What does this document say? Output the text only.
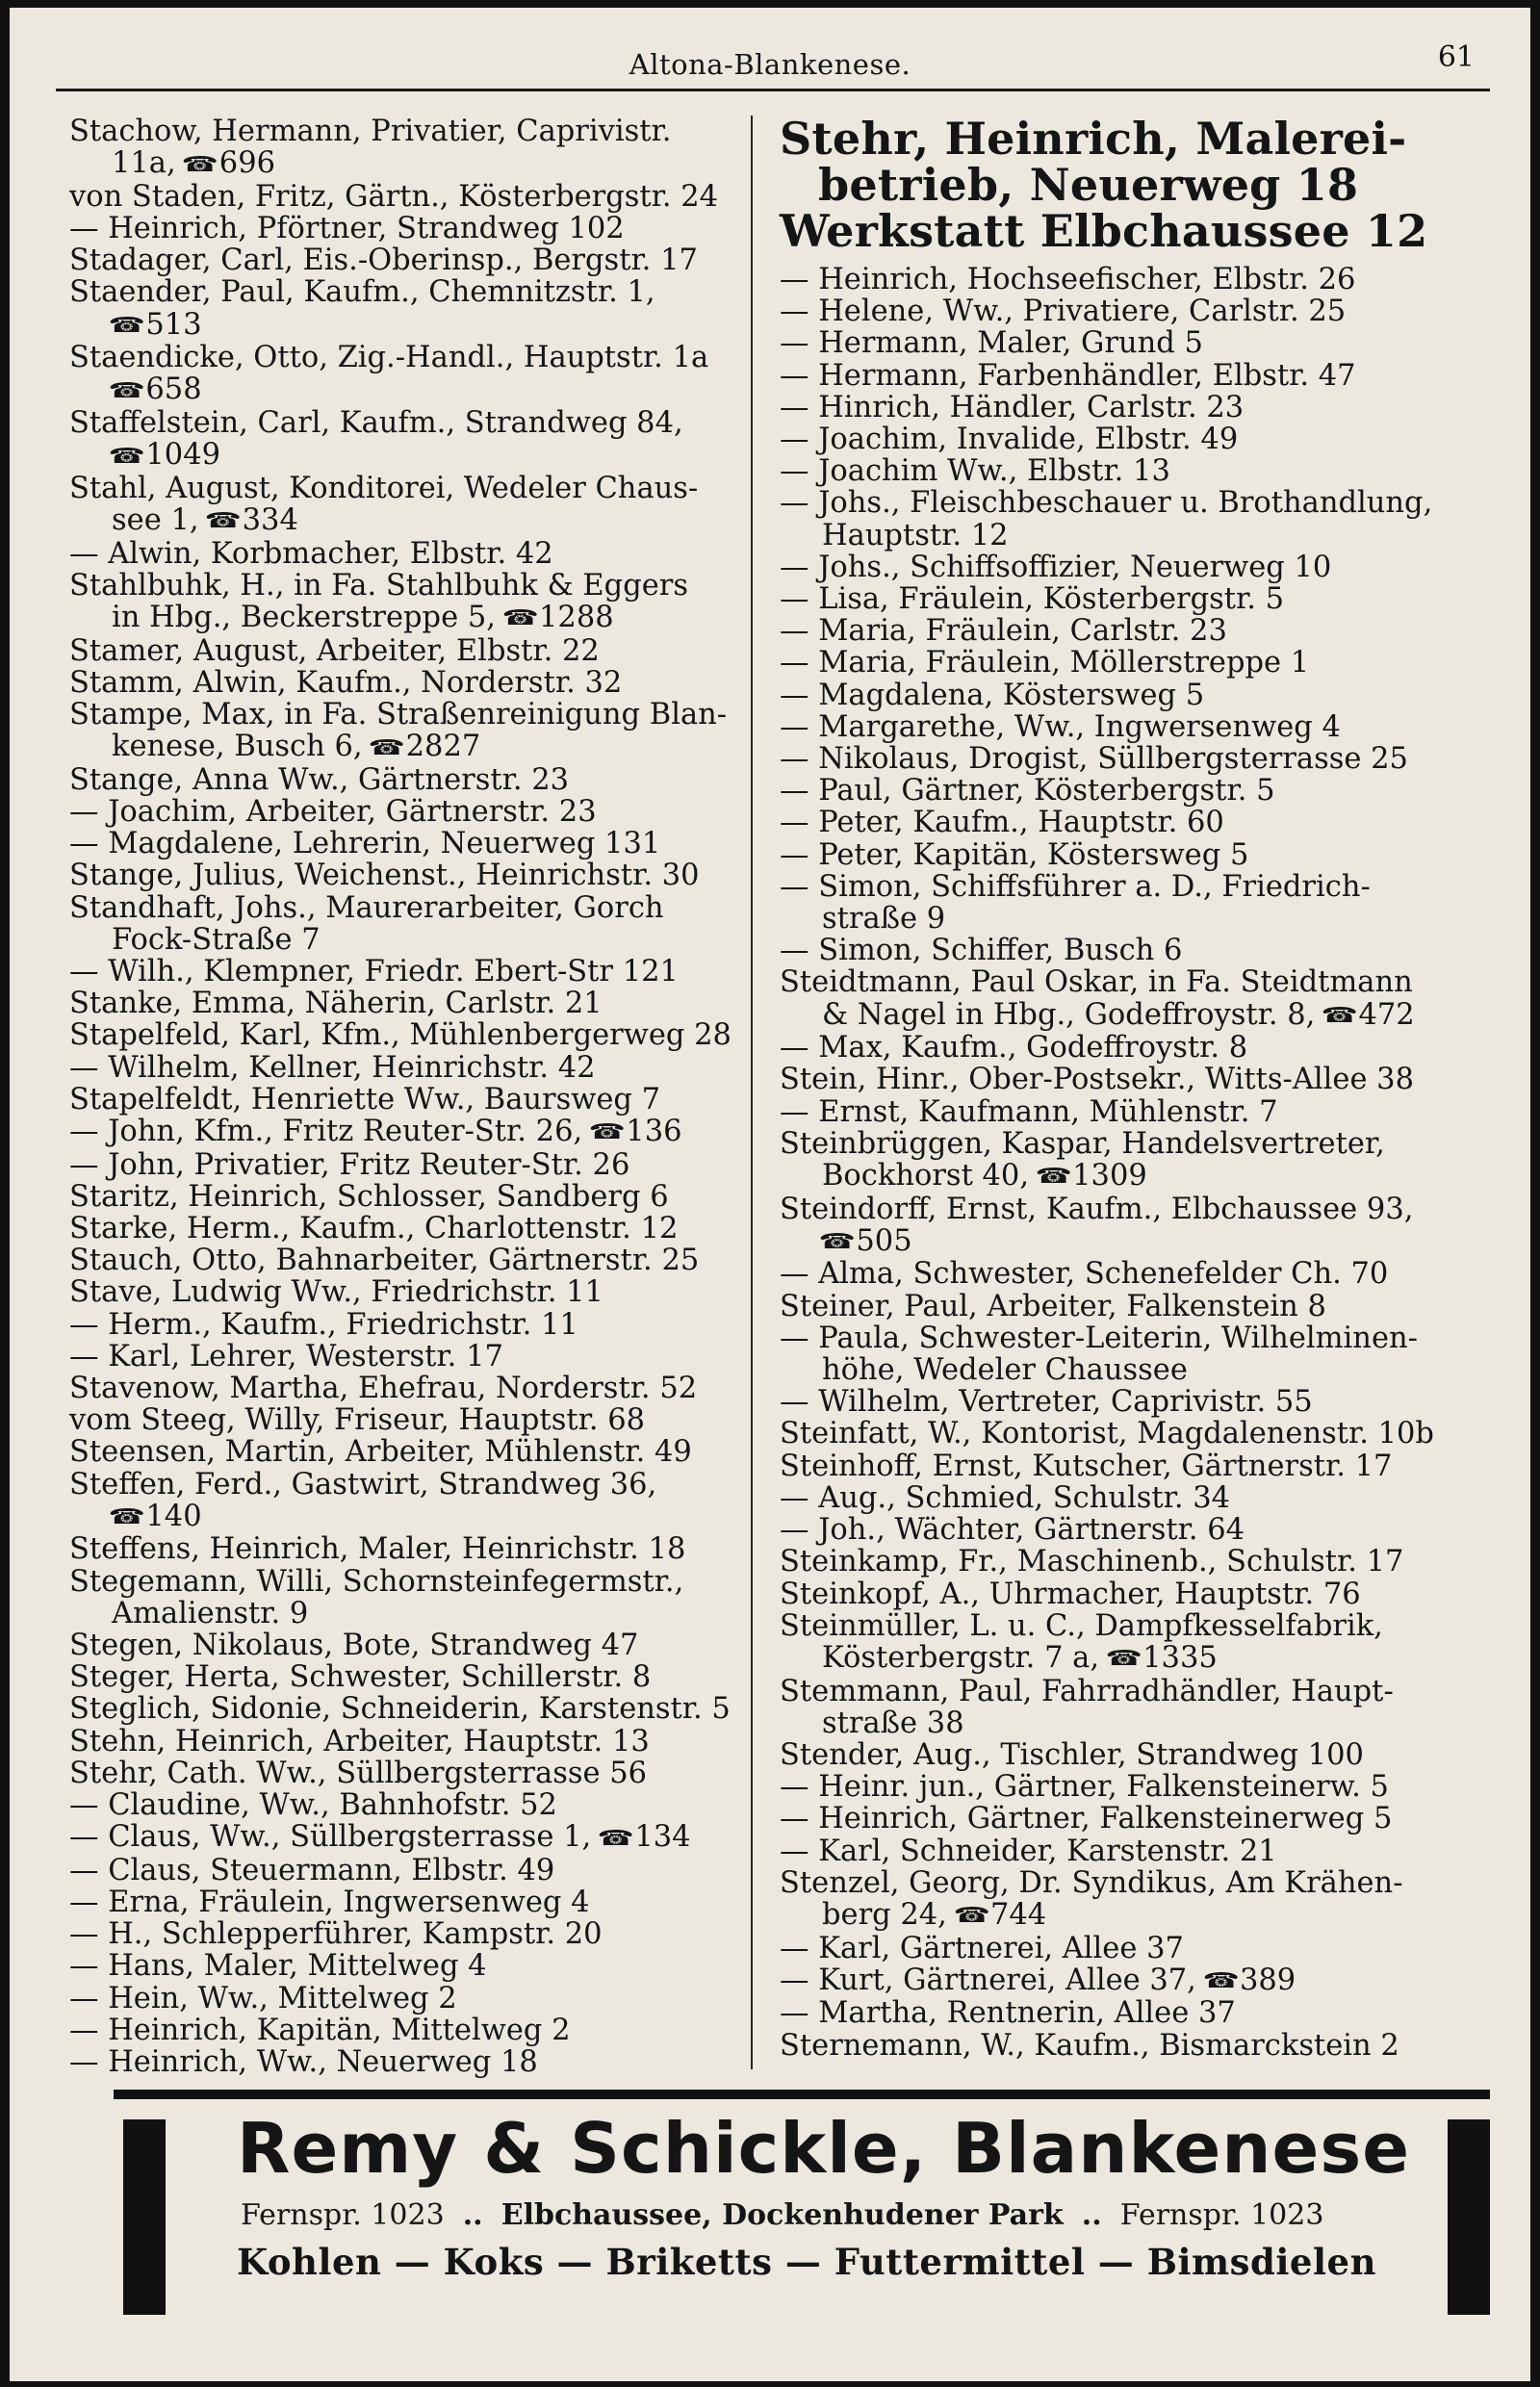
Altona-Blankenese.	61
Stachow, Hermann, Privatier, Caprivistr.
11a, ☎696
von Staden, Fritz, Gärtn., Kösterbergstr. 24
— Heinrich, Pförtner, Strandweg 102
Stadager, Carl, Eis.-Oberinsp., Bergstr. 17
Staender, Paul, Kaufm., Chemnitzstr. 1,
☎513
Staendicke, Otto, Zig.-Handl., Hauptstr. 1a
☎658
Staffelstein, Carl, Kaufm., Strandweg 84,
☎1049
Stahl, August, Konditorei, Wedeler Chaus-
see 1, ☎334
— Alwin, Korbmacher, Elbstr. 42
Stahlbuhk, H., in Fa. Stahlbuhk & Eggers
in Hbg., Beckerstreppe 5, ☎1288
Stamer, August, Arbeiter, Elbstr. 22
Stamm, Alwin, Kaufm., Norderstr. 32
Stampe, Max, in Fa. Straßenreinigung Blan-
kenese, Busch 6, ☎2827
Stange, Anna Ww., Gärtnerstr. 23
— Joachim, Arbeiter, Gärtnerstr. 23
— Magdalene, Lehrerin, Neuerweg 131
Stange, Julius, Weichenst., Heinrichstr. 30
Standhaft, Johs., Maurerarbeiter, Gorch
Fock-Straße 7
— Wilh., Klempner, Friedr. Ebert-Str 121
Stanke, Emma, Näherin, Carlstr. 21
Stapelfeld, Karl, Kfm., Mühlenbergerweg 28
— Wilhelm, Kellner, Heinrichstr. 42
Stapelfeldt, Henriette Ww., Baursweg 7
— John, Kfm., Fritz Reuter-Str. 26, ☎136
— John, Privatier, Fritz Reuter-Str. 26
Staritz, Heinrich, Schlosser, Sandberg 6
Starke, Herm., Kaufm., Charlottenstr. 12
Stauch, Otto, Bahnarbeiter, Gärtnerstr. 25
Stave, Ludwig Ww., Friedrichstr. 11
— Herm., Kaufm., Friedrichstr. 11
— Karl, Lehrer, Westerstr. 17
Stavenow, Martha, Ehefrau, Norderstr. 52
vom Steeg, Willy, Friseur, Hauptstr. 68
Steensen, Martin, Arbeiter, Mühlenstr. 49
Steffen, Ferd., Gastwirt, Strandweg 36,
☎140
Steffens, Heinrich, Maler, Heinrichstr. 18
Stegemann, Willi, Schornsteinfegermstr.,
Amalienstr. 9
Stegen, Nikolaus, Bote, Strandweg 47
Steger, Herta, Schwester, Schillerstr. 8
Steglich, Sidonie, Schneiderin, Karstenstr. 5
Stehn, Heinrich, Arbeiter, Hauptstr. 13
Stehr, Cath. Ww., Süllbergsterrasse 56
— Claudine, Ww., Bahnhofstr. 52
— Claus, Ww., Süllbergsterrasse 1, ☎134
— Claus, Steuermann, Elbstr. 49
— Erna, Fräulein, Ingwersenweg 4
— H., Schlepperführer, Kampstr. 20
— Hans, Maler, Mittelweg 4
— Hein, Ww., Mittelweg 2
— Heinrich, Kapitän, Mittelweg 2
— Heinrich, Ww., Neuerweg 18
Stehr, Heinrich, Malerei-
betrieb, Neuerweg 18
Werkstatt Elbchaussee 12
— Heinrich, Hochseefischer, Elbstr. 26
— Helene, Ww., Privatiere, Carlstr. 25
— Hermann, Maler, Grund 5
— Hermann, Farbenhändler, Elbstr. 47
— Hinrich, Händler, Carlstr. 23
— Joachim, Invalide, Elbstr. 49
— Joachim Ww., Elbstr. 13
— Johs., Fleischbeschauer u. Brothandlung,
Hauptstr. 12
— Johs., Schiffsoffizier, Neuerweg 10
— Lisa, Fräulein, Kösterbergstr. 5
— Maria, Fräulein, Carlstr. 23
— Maria, Fräulein, Möllerstreppe 1
— Magdalena, Köstersweg 5
— Margarethe, Ww., Ingwersenweg 4
— Nikolaus, Drogist, Süllbergsterrasse 25
— Paul, Gärtner, Kösterbergstr. 5
— Peter, Kaufm., Hauptstr. 60
— Peter, Kapitän, Köstersweg 5
— Simon, Schiffsführer a. D., Friedrich-
straße 9
— Simon, Schiffer, Busch 6
Steidtmann, Paul Oskar, in Fa. Steidtmann
& Nagel in Hbg., Godeffroystr. 8, ☎472
— Max, Kaufm., Godeffroystr. 8
Stein, Hinr., Ober-Postsekr., Witts-Allee 38
— Ernst, Kaufmann, Mühlenstr. 7
Steinbrüggen, Kaspar, Handelsvertreter,
Bockhorst 40, ☎1309
Steindorff, Ernst, Kaufm., Elbchaussee 93,
☎505
— Alma, Schwester, Schenefelder Ch. 70
Steiner, Paul, Arbeiter, Falkenstein 8
— Paula, Schwester-Leiterin, Wilhelminen-
höhe, Wedeler Chaussee
— Wilhelm, Vertreter, Caprivistr. 55
Steinfatt, W., Kontorist, Magdalenenstr. 10b
Steinhoff, Ernst, Kutscher, Gärtnerstr. 17
— Aug., Schmied, Schulstr. 34
— Joh., Wächter, Gärtnerstr. 64
Steinkamp, Fr., Maschinenb., Schulstr. 17
Steinkopf, A., Uhrmacher, Hauptstr. 76
Steinmüller, L. u. C., Dampfkesselfabrik,
Kösterbergstr. 7 a, ☎1335
Stemmann, Paul, Fahrradhändler, Haupt-
straße 38
Stender, Aug., Tischler, Strandweg 100
— Heinr. jun., Gärtner, Falkensteinerw. 5
— Heinrich, Gärtner, Falkensteinerweg 5
— Karl, Schneider, Karstenstr. 21
Stenzel, Georg, Dr. Syndikus, Am Krähen-
berg 24, ☎744
— Karl, Gärtnerei, Allee 37
— Kurt, Gärtnerei, Allee 37, ☎389
— Martha, Rentnerin, Allee 37
Sternemann, W., Kaufm., Bismarckstein 2
Remy & Schickle, Blankenese
Fernspr. 1023 .. Elbchaussee, Dockenhudener Park .. Fernspr. 1023
Kohlen — Koks — Briketts — Futtermittel — Bimsdielen
